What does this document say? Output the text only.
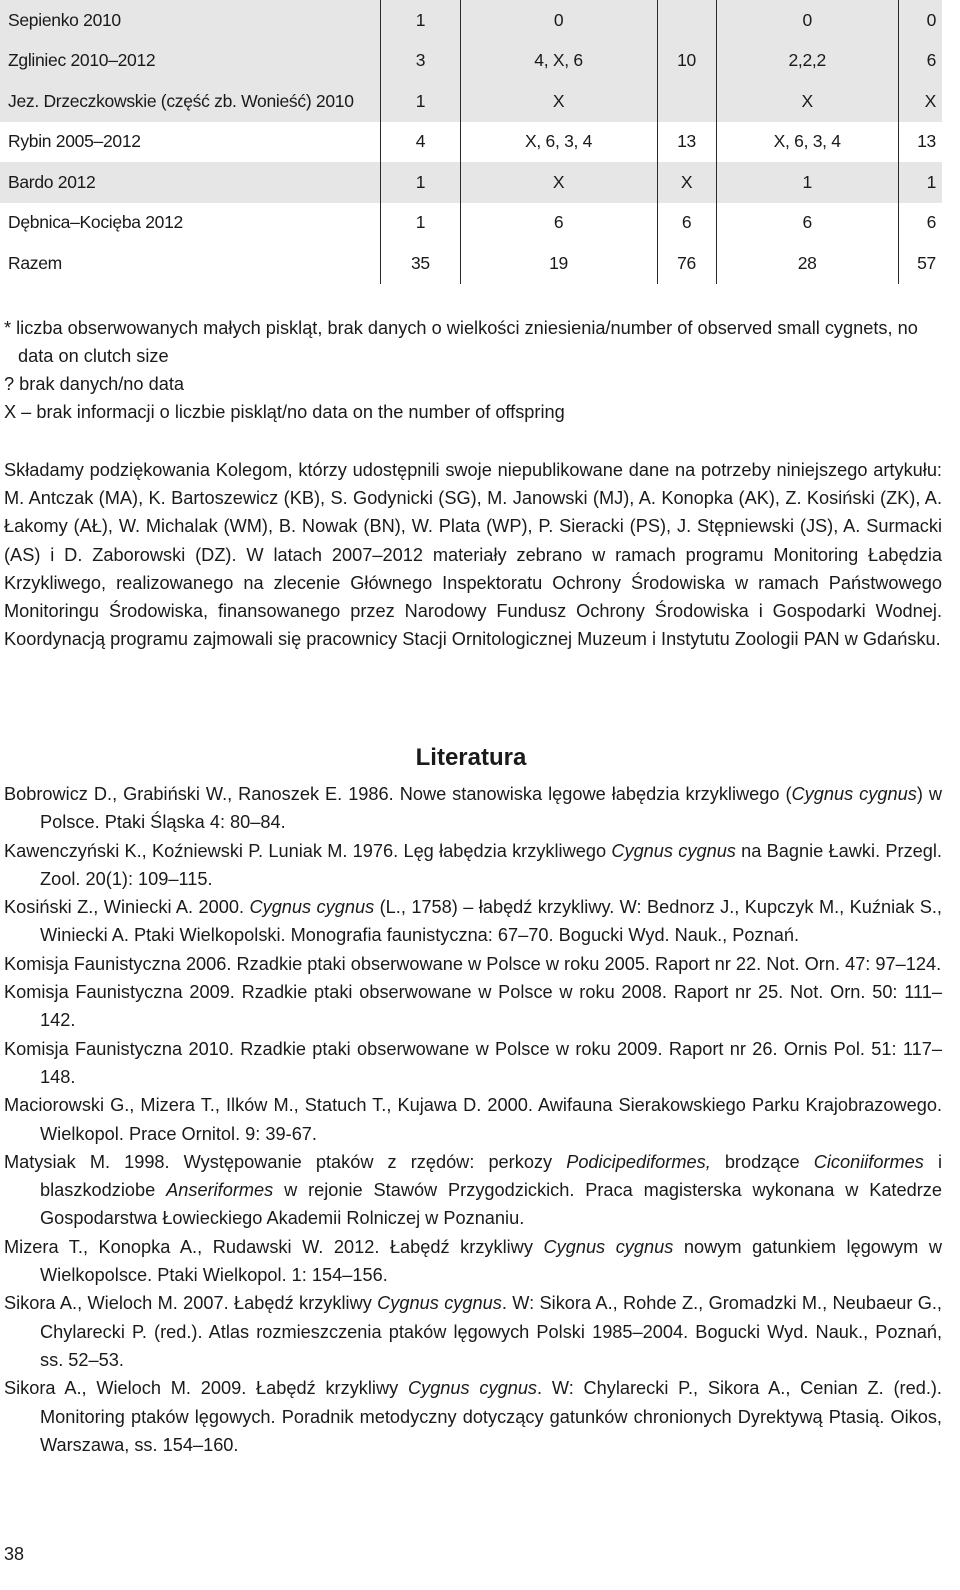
Sepienko 2010	1	0		0	0
Zgliniec 2010–2012	3	4, X, 6	10	2,2,2	6
Jez. Drzeczkowskie (część zb. Wonieść) 2010	1	X		X	X
Rybin 2005–2012	4	X, 6, 3, 4	13	X, 6, 3, 4	13
Bardo 2012	1	X	X	1	1
Dębnica–Kocięba 2012	1	6	6	6	6
Razem	35	19	76	28	57

* liczba obserwowanych małych piskląt, brak danych o wielkości zniesienia/number of observed small cygnets, no data on clutch size

? brak danych/no data

X – brak informacji o liczbie piskląt/no data on the number of offspring

Składamy podziękowania Kolegom, którzy udostępnili swoje niepublikowane dane na potrzeby niniejszego artykułu: M. Antczak (MA), K. Bartoszewicz (KB), S. Godynicki (SG), M. Janowski (MJ), A. Konopka (AK), Z. Kosiński (ZK), A. Łakomy (AŁ), W. Michalak (WM), B. Nowak (BN), W. Plata (WP), P. Sieracki (PS), J. Stępniewski (JS), A. Surmacki (AS) i D. Zaborowski (DZ). W latach 2007–2012 materiały zebrano w ramach programu Monitoring Łabędzia Krzykliwego, realizowanego na zlecenie Głównego Inspektoratu Ochrony Środowiska w ramach Państwowego Monitoringu Środowiska, finansowanego przez Narodowy Fundusz Ochrony Środowiska i Gospodarki Wodnej. Koordynacją programu zajmowali się pracownicy Stacji Ornitologicznej Muzeum i Instytutu Zoologii PAN w Gdańsku.

Literatura

Bobrowicz D., Grabiński W., Ranoszek E. 1986. Nowe stanowiska lęgowe łabędzia krzykliwego (Cygnus cygnus) w Polsce. Ptaki Śląska 4: 80–84.

Kawenczyński K., Koźniewski P. Luniak M. 1976. Lęg łabędzia krzykliwego Cygnus cygnus na Bagnie Ławki. Przegl. Zool. 20(1): 109–115.

Kosiński Z., Winiecki A. 2000. Cygnus cygnus (L., 1758) – łabędź krzykliwy. W: Bednorz J., Kupczyk M., Kuźniak S., Winiecki A. Ptaki Wielkopolski. Monografia faunistyczna: 67–70. Bogucki Wyd. Nauk., Poznań.

Komisja Faunistyczna 2006. Rzadkie ptaki obserwowane w Polsce w roku 2005. Raport nr 22. Not. Orn. 47: 97–124.

Komisja Faunistyczna 2009. Rzadkie ptaki obserwowane w Polsce w roku 2008. Raport nr 25. Not. Orn. 50: 111–142.

Komisja Faunistyczna 2010. Rzadkie ptaki obserwowane w Polsce w roku 2009. Raport nr 26. Ornis Pol. 51: 117–148.

Maciorowski G., Mizera T., Ilków M., Statuch T., Kujawa D. 2000. Awifauna Sierakowskiego Parku Krajobrazowego. Wielkopol. Prace Ornitol. 9: 39-67.

Matysiak M. 1998. Występowanie ptaków z rzędów: perkozy Podicipediformes, brodzące Ciconiiformes i blaszkodziobe Anseriformes w rejonie Stawów Przygodzickich. Praca magisterska wykonana w Katedrze Gospodarstwa Łowieckiego Akademii Rolniczej w Poznaniu.

Mizera T., Konopka A., Rudawski W. 2012. Łabędź krzykliwy Cygnus cygnus nowym gatunkiem lęgowym w Wielkopolsce. Ptaki Wielkopol. 1: 154–156.

Sikora A., Wieloch M. 2007. Łabędź krzykliwy Cygnus cygnus. W: Sikora A., Rohde Z., Gromadzki M., Neubaeur G., Chylarecki P. (red.). Atlas rozmieszczenia ptaków lęgowych Polski 1985–2004. Bogucki Wyd. Nauk., Poznań, ss. 52–53.

Sikora A., Wieloch M. 2009. Łabędź krzykliwy Cygnus cygnus. W: Chylarecki P., Sikora A., Cenian Z. (red.). Monitoring ptaków lęgowych. Poradnik metodyczny dotyczący gatunków chronionych Dyrektywą Ptasią. Oikos, Warszawa, ss. 154–160.

38
